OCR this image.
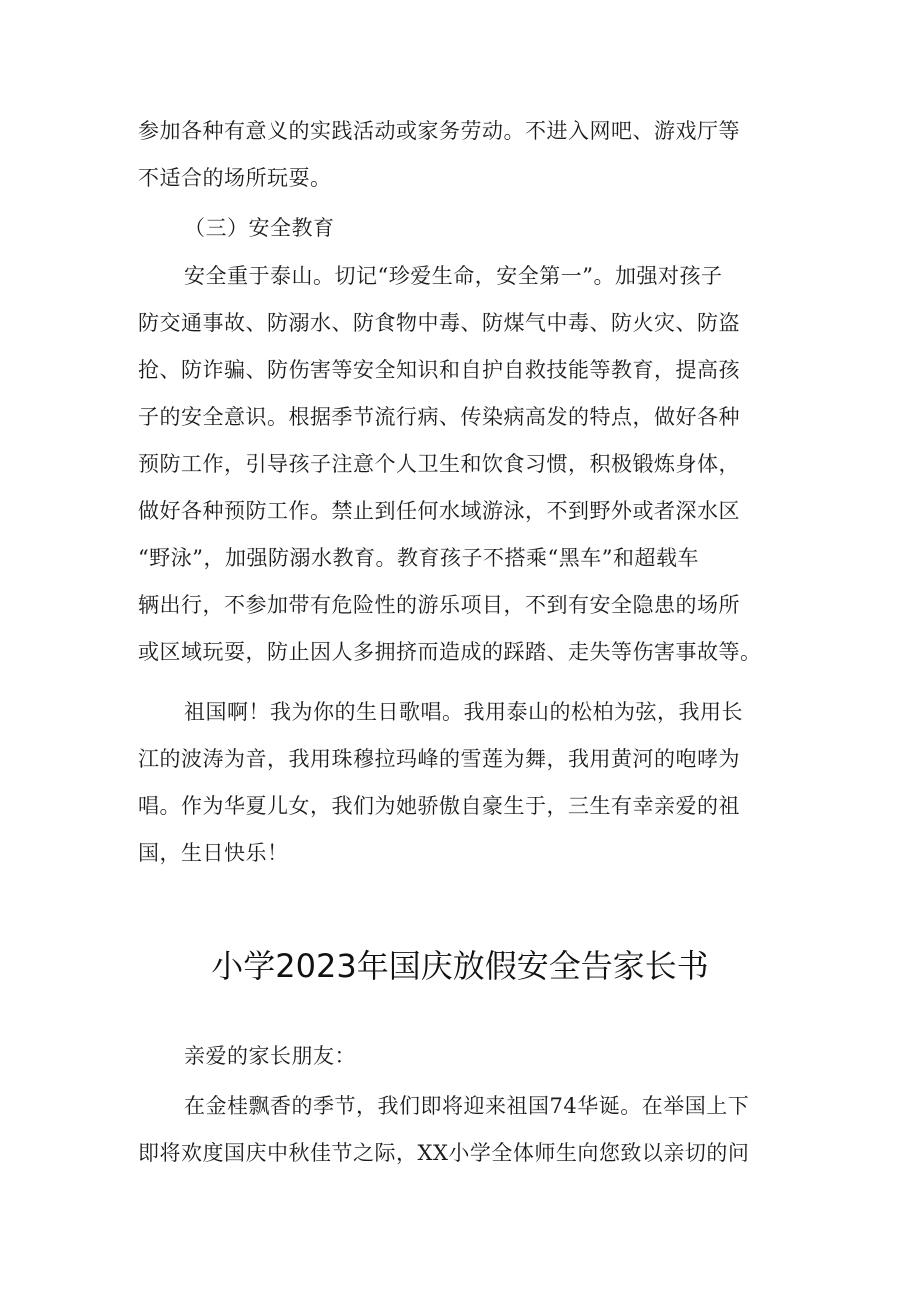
参加各种有意义的实践活动或家务劳动。不进入网吧、游戏厅等
不适合的场所玩耍。
（三）安全教育
安全重于泰山。切记“珍爱生命，安全第一”。加强对孩子
防交通事故、防溺水、防食物中毒、防煤气中毒、防火灾、防盗
抢、防诈骗、防伤害等安全知识和自护自救技能等教育，提高孩
子的安全意识。根据季节流行病、传染病高发的特点，做好各种
预防工作，引导孩子注意个人卫生和饮食习惯，积极锻炼身体，
做好各种预防工作。禁止到任何水域游泳，不到野外或者深水区
“野泳”，加强防溺水教育。教育孩子不搭乘“黑车”和超载车
辆出行，不参加带有危险性的游乐项目，不到有安全隐患的场所
或区域玩耍，防止因人多拥挤而造成的踩踏、走失等伤害事故等。
祖国啊！我为你的生日歌唱。我用泰山的松柏为弦，我用长
江的波涛为音，我用珠穆拉玛峰的雪莲为舞，我用黄河的咆哮为
唱。作为华夏儿女，我们为她骄傲自豪生于，三生有幸亲爱的祖
国，生日快乐！
小学2023年国庆放假安全告家长书
亲爱的家长朋友：
在金桂飘香的季节，我们即将迎来祖国74华诞。在举国上下
即将欢度国庆中秋佳节之际，XX小学全体师生向您致以亲切的问
